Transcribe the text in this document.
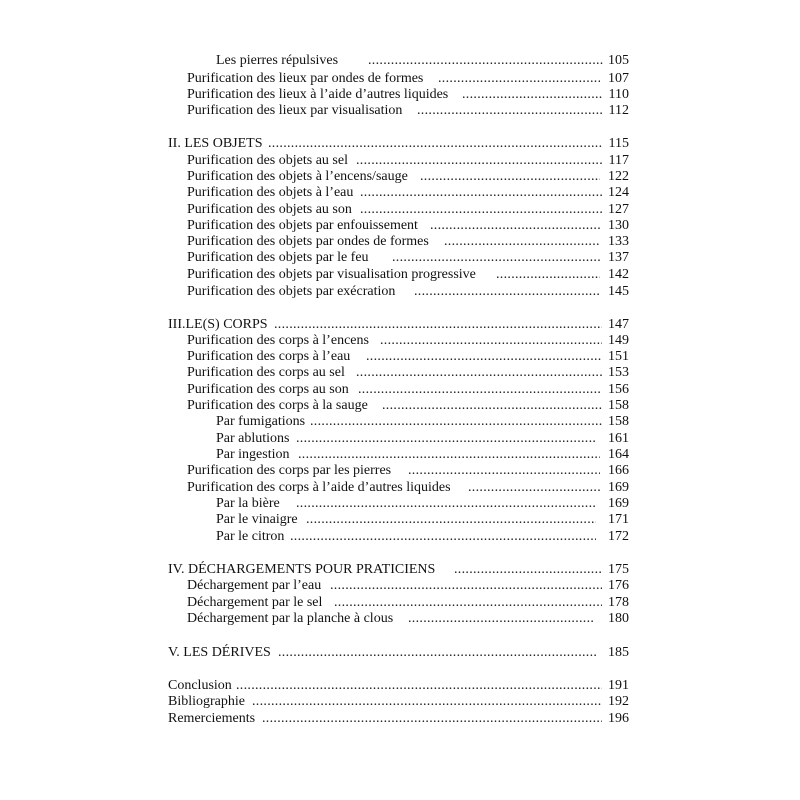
Les pierres répulsives .....	105
Purification des lieux par ondes de formes .....	107
Purification des lieux à l’aide d’autres liquides .....	110
Purification des lieux par visualisation .....	112
II. LES OBJETS .....	115
Purification des objets au sel .....	117
Purification des objets à l’encens/sauge .....	122
Purification des objets à l’eau .....	124
Purification des objets au son .....	127
Purification des objets par enfouissement .....	130
Purification des objets par ondes de formes .....	133
Purification des objets par le feu .....	137
Purification des objets par visualisation progressive .....	142
Purification des objets par exécration .....	145
III.LE(S) CORPS .....	147
Purification des corps à l’encens .....	149
Purification des corps à l’eau .....	151
Purification des corps au sel .....	153
Purification des corps au son .....	156
Purification des corps à la sauge .....	158
Par fumigations .....	158
Par ablutions .....	161
Par ingestion .....	164
Purification des corps par les pierres .....	166
Purification des corps à l’aide d’autres liquides .....	169
Par la bière .....	169
Par le vinaigre .....	171
Par le citron .....	172
IV. DÉCHARGEMENTS POUR PRATICIENS .....	175
Déchargement par l’eau .....	176
Déchargement par le sel .....	178
Déchargement par la planche à clous .....	180
V. LES DÉRIVES .....	185
Conclusion .....	191
Bibliographie .....	192
Remerciements .....	196
